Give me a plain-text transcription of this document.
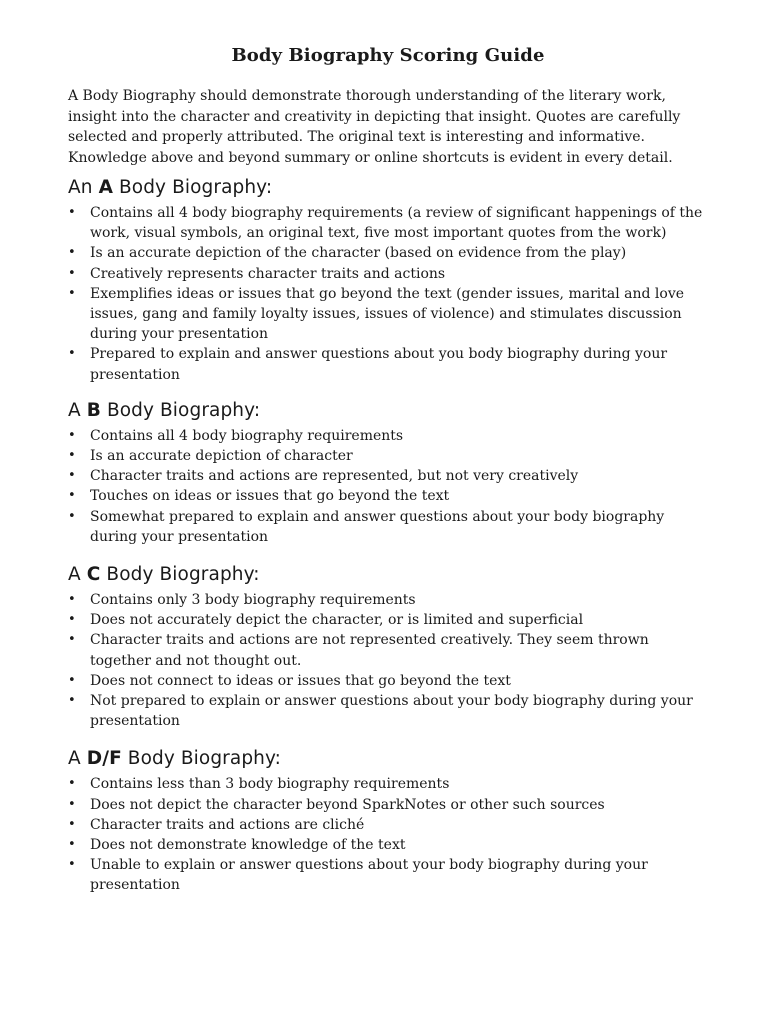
Body Biography Scoring Guide

A Body Biography should demonstrate thorough understanding of the literary work, insight into the character and creativity in depicting that insight. Quotes are carefully selected and properly attributed. The original text is interesting and informative. Knowledge above and beyond summary or online shortcuts is evident in every detail.

An A Body Biography:
• Contains all 4 body biography requirements (a review of significant happenings of the work, visual symbols, an original text, five most important quotes from the work)
• Is an accurate depiction of the character (based on evidence from the play)
• Creatively represents character traits and actions
• Exemplifies ideas or issues that go beyond the text (gender issues, marital and love issues, gang and family loyalty issues, issues of violence) and stimulates discussion during your presentation
• Prepared to explain and answer questions about you body biography during your presentation
A B Body Biography:
• Contains all 4 body biography requirements
• Is an accurate depiction of character
• Character traits and actions are represented, but not very creatively
• Touches on ideas or issues that go beyond the text
• Somewhat prepared to explain and answer questions about your body biography during your presentation
A C Body Biography:
• Contains only 3 body biography requirements
• Does not accurately depict the character, or is limited and superficial
• Character traits and actions are not represented creatively. They seem thrown together and not thought out.
• Does not connect to ideas or issues that go beyond the text
• Not prepared to explain or answer questions about your body biography during your presentation
A D/F Body Biography:
• Contains less than 3 body biography requirements
• Does not depict the character beyond SparkNotes or other such sources
• Character traits and actions are cliché
• Does not demonstrate knowledge of the text
• Unable to explain or answer questions about your body biography during your presentation
